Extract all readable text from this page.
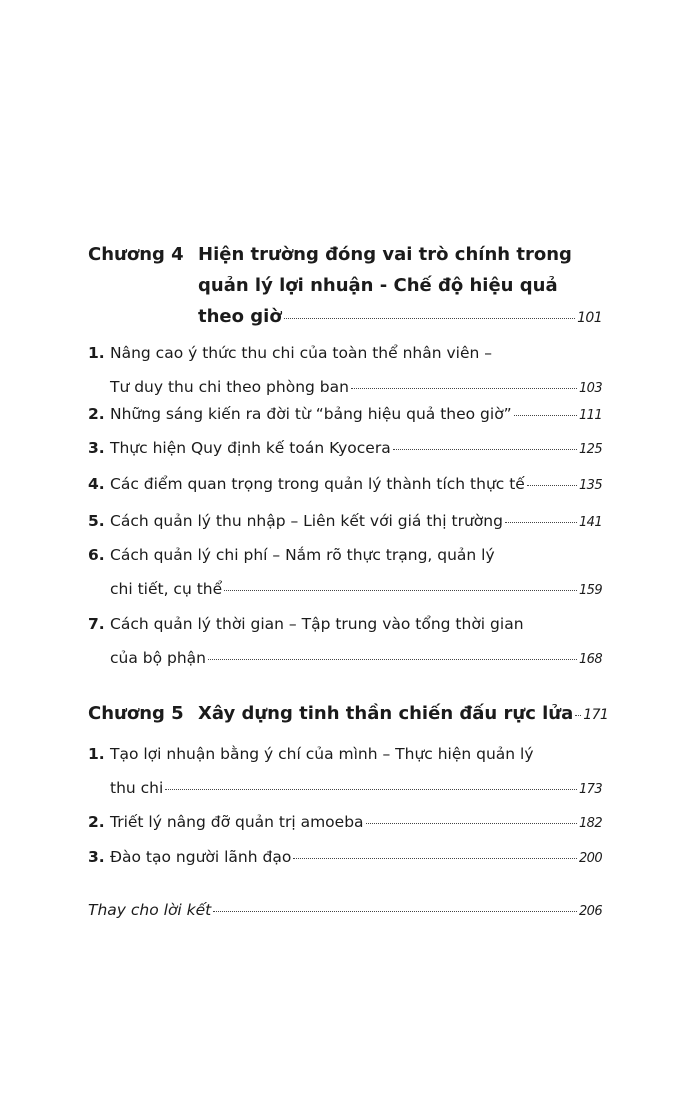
Chương 4 Hiện trường đóng vai trò chính trong
quản lý lợi nhuận - Chế độ hiệu quả
theo giờ	101
1. Nâng cao ý thức thu chi của toàn thể nhân viên –
Tư duy thu chi theo phòng ban	103
2. Những sáng kiến ra đời từ “bảng hiệu quả theo giờ”	111
3. Thực hiện Quy định kế toán Kyocera	125
4. Các điểm quan trọng trong quản lý thành tích thực tế	135
5. Cách quản lý thu nhập – Liên kết với giá thị trường	141
6. Cách quản lý chi phí – Nắm rõ thực trạng, quản lý
chi tiết, cụ thể	159
7. Cách quản lý thời gian – Tập trung vào tổng thời gian
của bộ phận	168
Chương 5 Xây dựng tinh thần chiến đấu rực lửa 171
1. Tạo lợi nhuận bằng ý chí của mình – Thực hiện quản lý
thu chi	173
2. Triết lý nâng đỡ quản trị amoeba	182
3. Đào tạo người lãnh đạo	200
Thay cho lời kết	206
